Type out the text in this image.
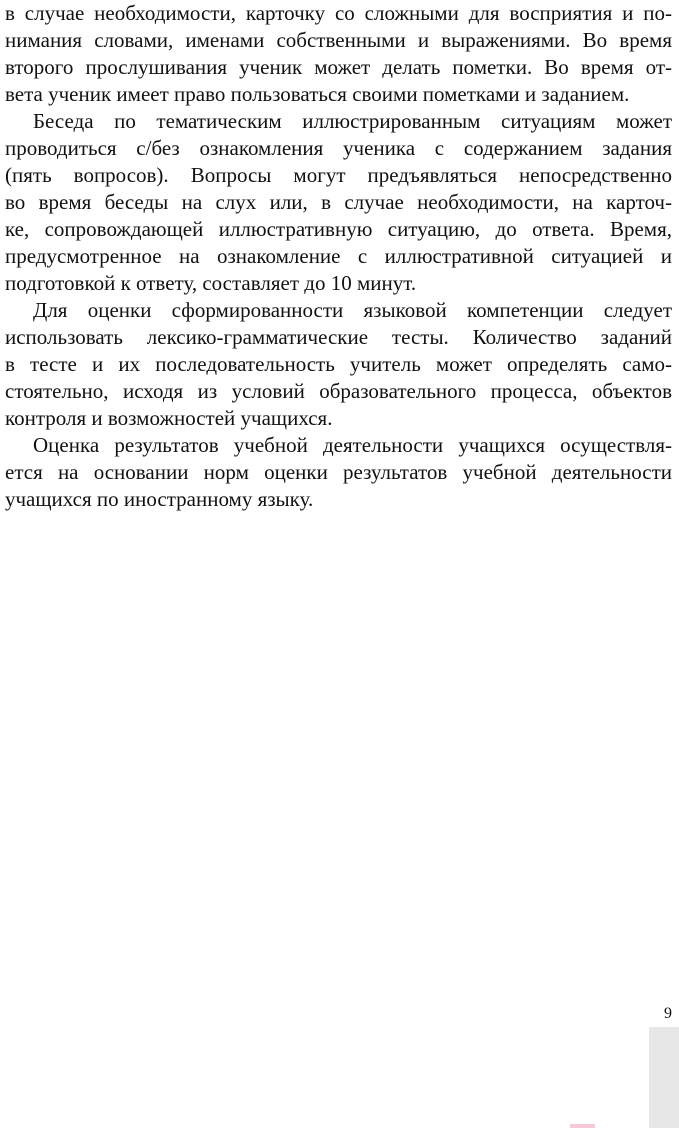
в случае необходимости, карточку со сложными для восприятия и по-
нимания словами, именами собственными и выражениями. Во время
второго прослушивания ученик может делать пометки. Во время от-
вета ученик имеет право пользоваться своими пометками и заданием.
Беседа по тематическим иллюстрированным ситуациям может
проводиться с/без ознакомления ученика с содержанием задания
(пять вопросов). Вопросы могут предъявляться непосредственно
во время беседы на слух или, в случае необходимости, на карточ-
ке, сопровождающей иллюстративную ситуацию, до ответа. Время,
предусмотренное на ознакомление с иллюстративной ситуацией и
подготовкой к ответу, составляет до 10 минут.
Для оценки сформированности языковой компетенции следует
использовать лексико-грамматические тесты. Количество заданий
в тесте и их последовательность учитель может определять само-
стоятельно, исходя из условий образовательного процесса, объектов
контроля и возможностей учащихся.
Оценка результатов учебной деятельности учащихся осуществля-
ется на основании норм оценки результатов учебной деятельности
учащихся по иностранному языку.
9
